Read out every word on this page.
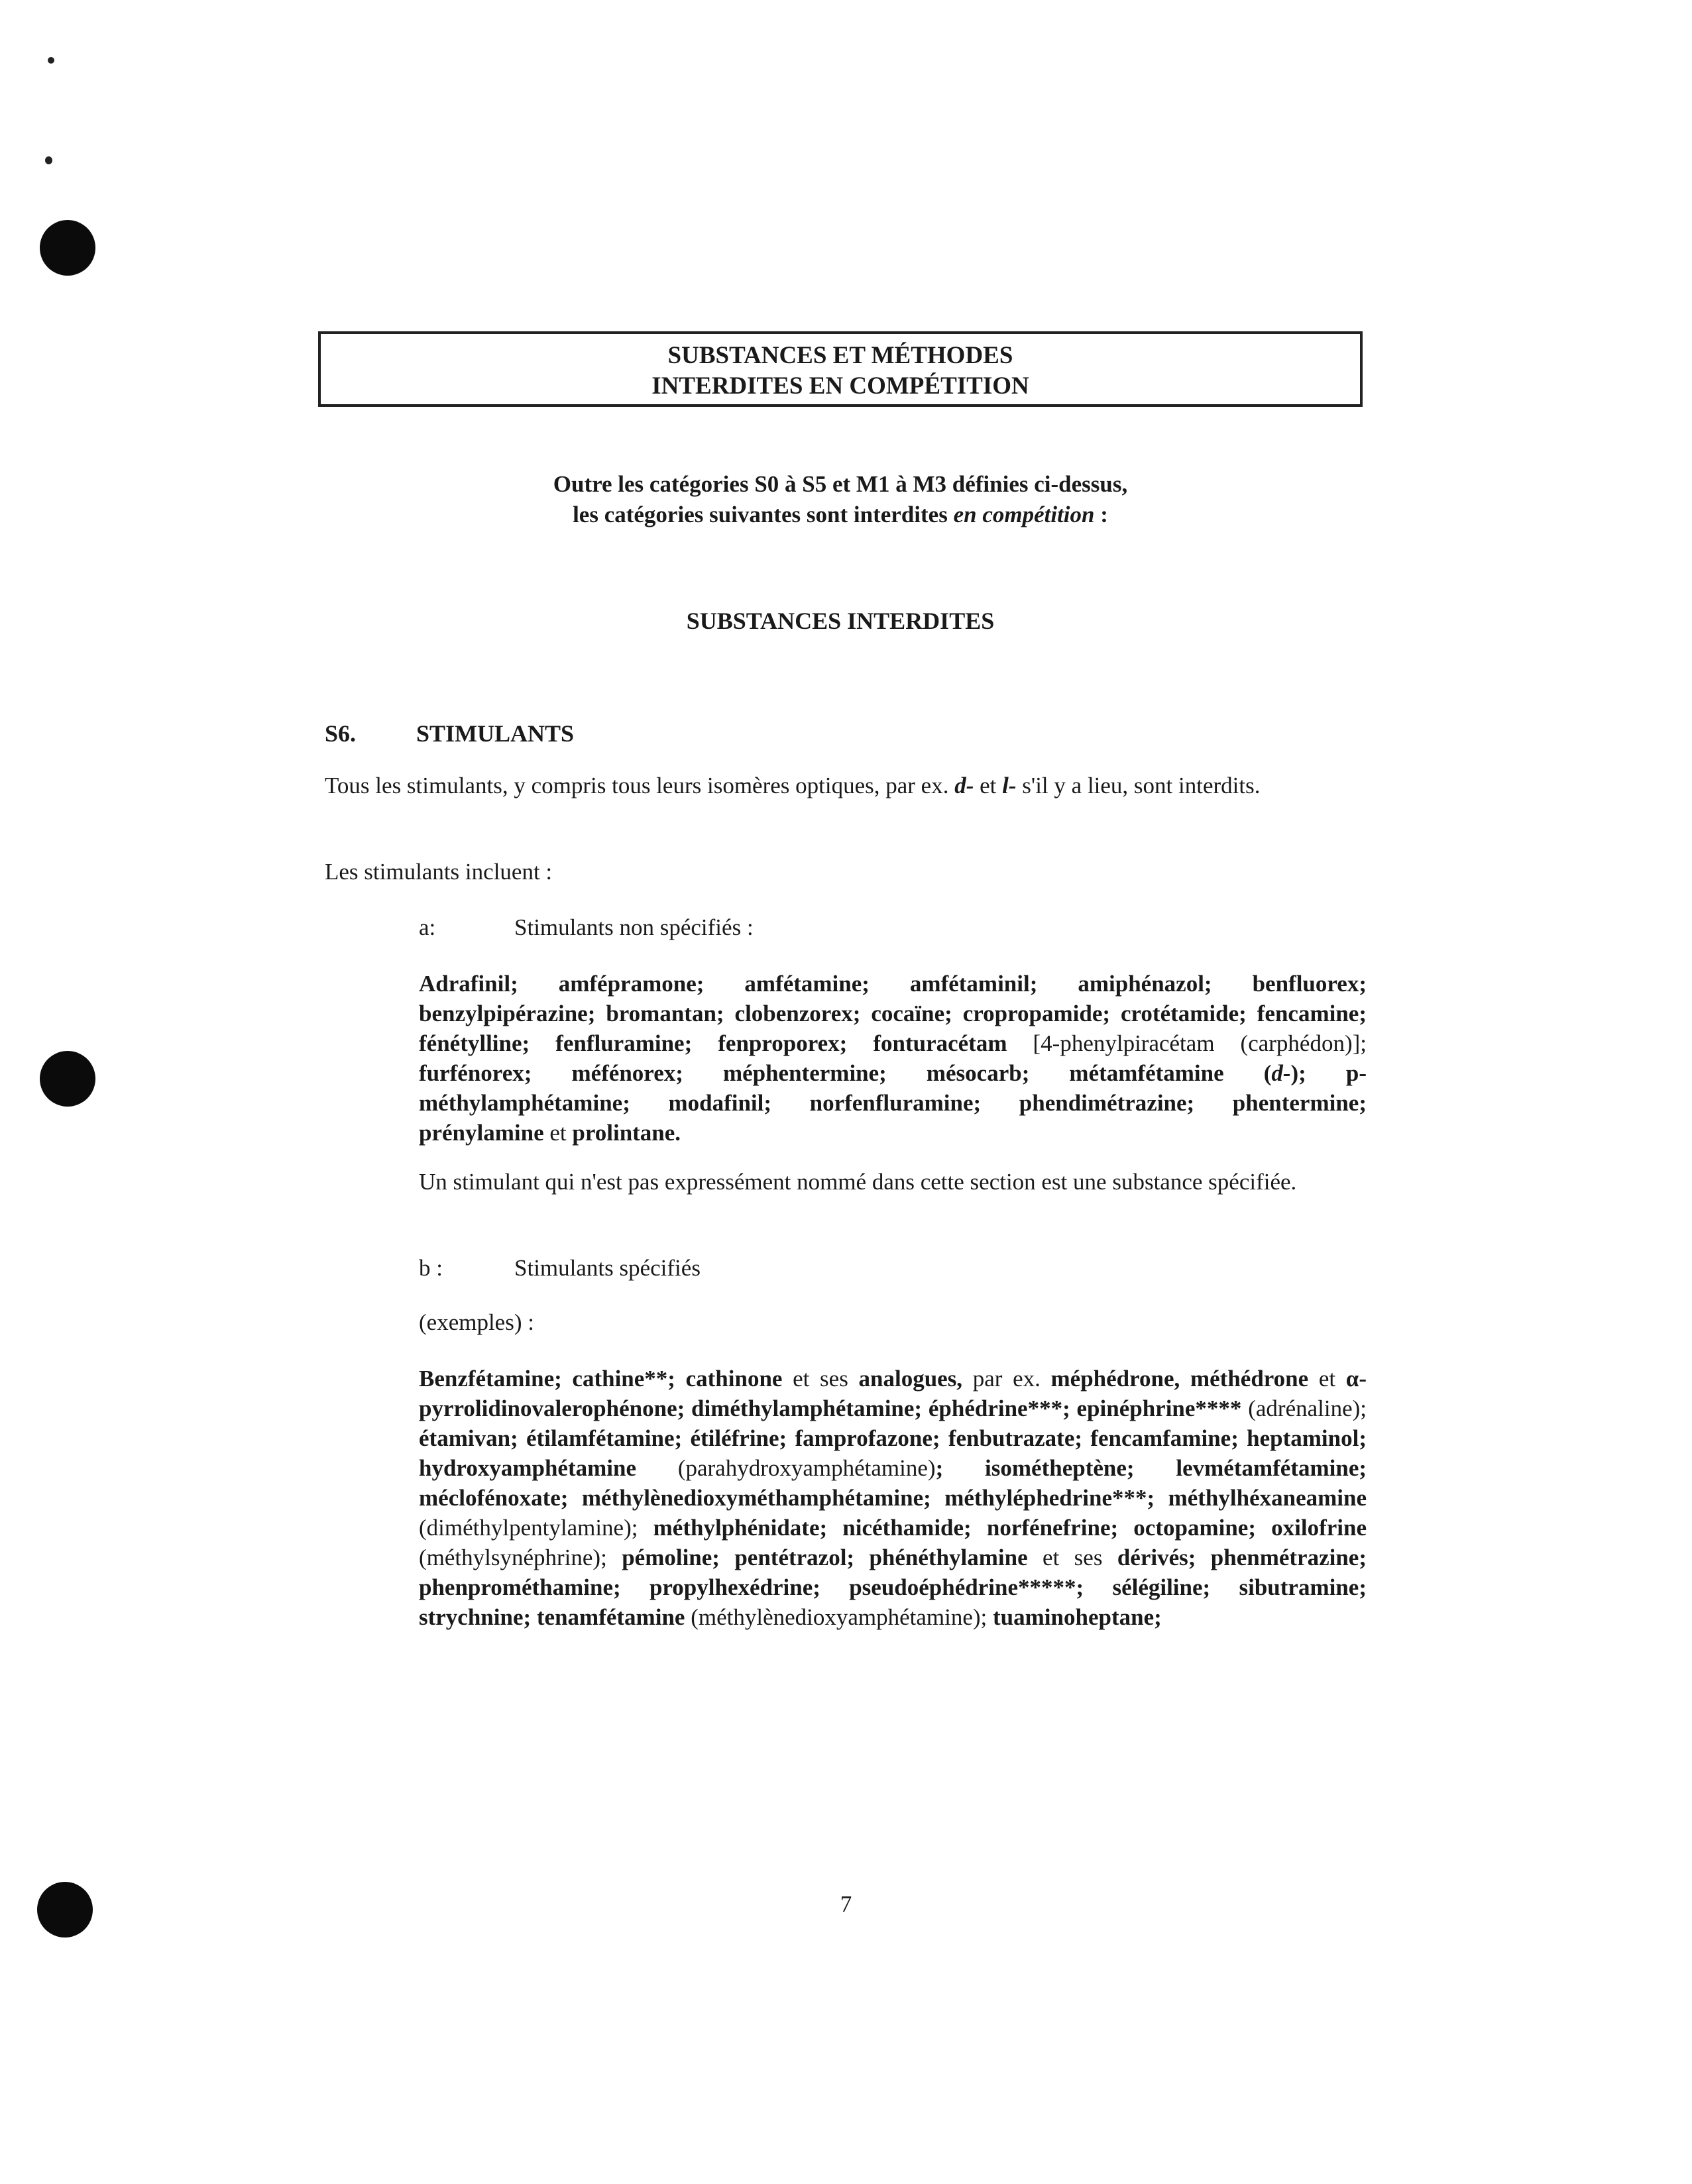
SUBSTANCES ET MÉTHODES
INTERDITES EN COMPÉTITION
Outre les catégories S0 à S5 et M1 à M3 définies ci-dessus,
les catégories suivantes sont interdites en compétition :
SUBSTANCES INTERDITES
S6.	STIMULANTS
Tous les stimulants, y compris tous leurs isomères optiques, par ex. d- et l- s'il y a lieu, sont interdits.
Les stimulants incluent :
a:	Stimulants non spécifiés :
Adrafinil; amfépramone; amfétamine; amfétaminil; amiphénazol; benfluorex; benzylpipérazine; bromantan; clobenzorex; cocaïne; cropropamide; crotétamide; fencamine; fénétylline; fenfluramine; fenproporex; fonturacétam [4-phenylpiracétam (carphédon)]; furfénorex; méfénorex; méphentermine; mésocarb; métamfétamine (d-); p-méthylamphétamine; modafinil; norfenfluramine; phendimétrazine; phentermine; prénylamine et prolintane.
Un stimulant qui n'est pas expressément nommé dans cette section est une substance spécifiée.
b :	Stimulants spécifiés
(exemples) :
Benzfétamine; cathine**; cathinone et ses analogues, par ex. méphédrone, méthédrone et α- pyrrolidinovalerophénone; diméthylamphétamine; éphédrine***; epinéphrine**** (adrénaline); étamivan; étilamfétamine; étiléfrine; famprofazone; fenbutrazate; fencamfamine; heptaminol; hydroxyamphétamine (parahydroxyamphétamine); isométheptène; levmétamfétamine; méclofénoxate; méthylènedioxyméthamphétamine; méthyléphedrine***; méthylhéxaneamine (diméthylpentylamine); méthylphénidate; nicéthamide; norfénefrine; octopamine; oxilofrine (méthylsynéphrine); pémoline; pentétrazol; phénéthylamine et ses dérivés; phenmétrazine; phenprométhamine; propylhexédrine; pseudoéphédrine*****; sélégiline; sibutramine; strychnine; tenamfétamine (méthylènedioxyamphétamine); tuaminoheptane;
7
